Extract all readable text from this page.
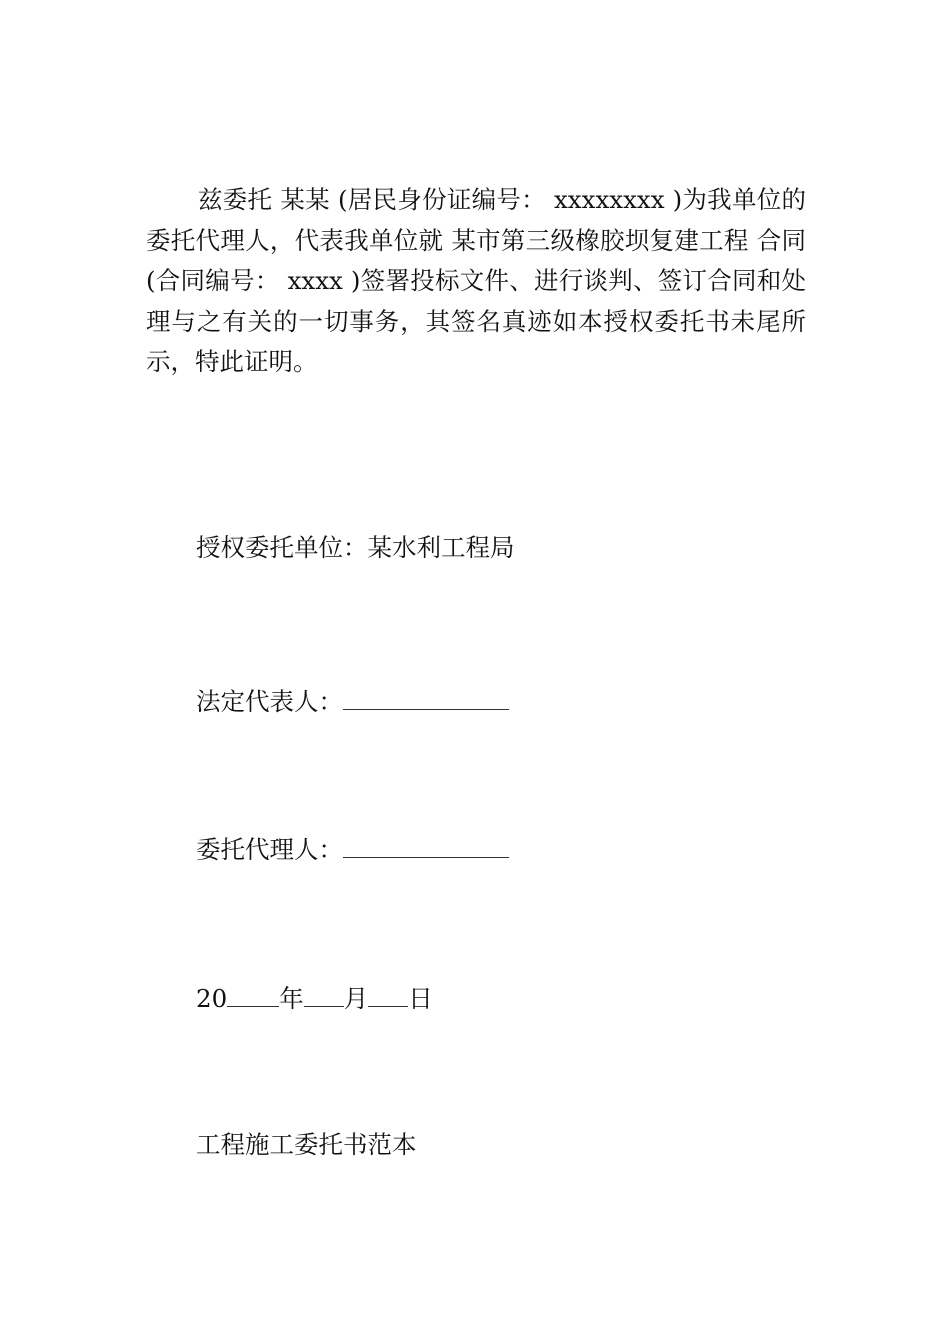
兹委托 某某 (居民身份证编号： xxxxxxxx )为我单位的委托代理人，代表我单位就 某市第三级橡胶坝复建工程 合同(合同编号： xxxx )签署投标文件、进行谈判、签订合同和处理与之有关的一切事务，其签名真迹如本授权委托书未尾所示，特此证明。

授权委托单位：某水利工程局
法定代表人：
委托代理人：
20 年 月 日
工程施工委托书范本
